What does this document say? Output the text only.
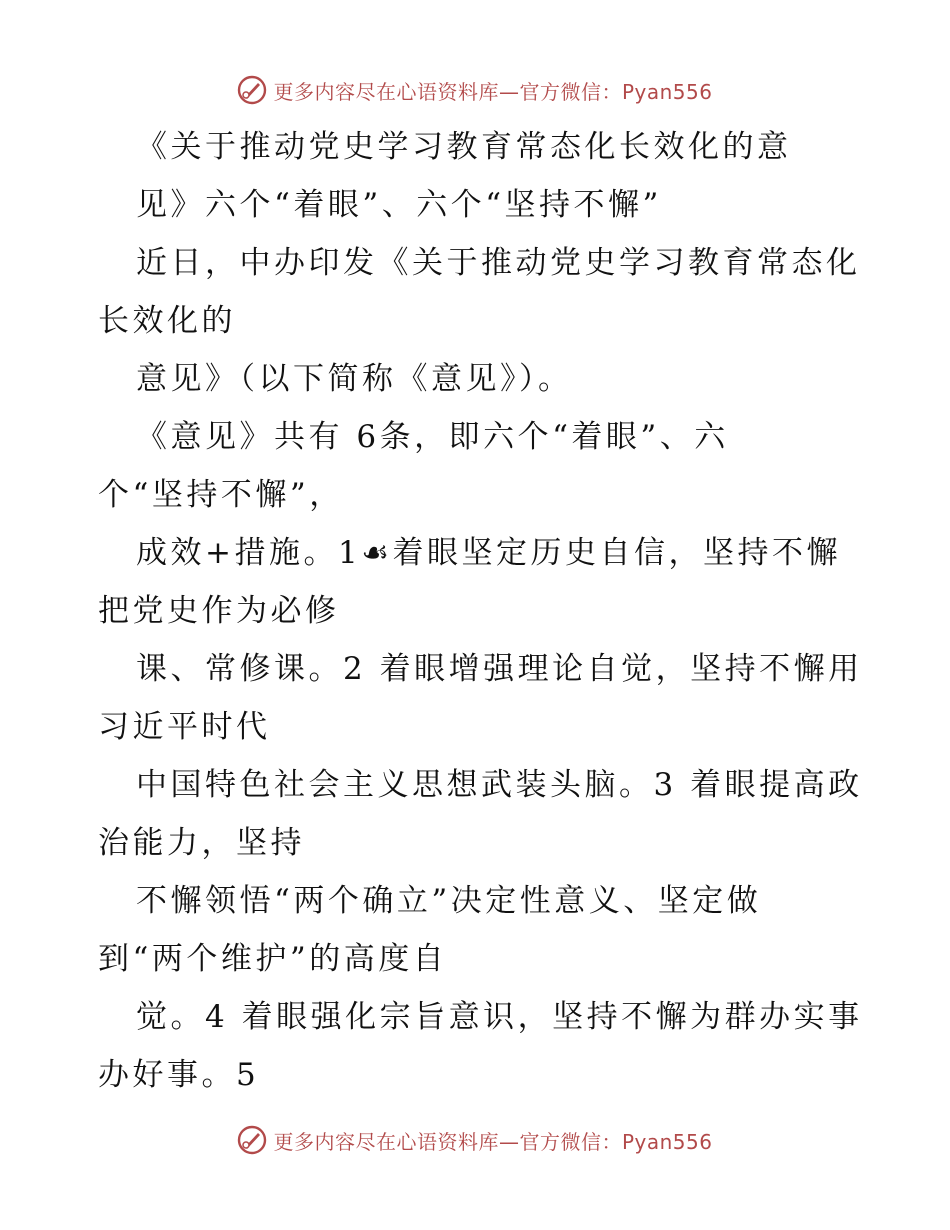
更多内容尽在心语资料库—官方微信：Pyan556
《关于推动党史学习教育常态化长效化的意
见》六个“着眼”、六个“坚持不懈”
近日，中办印发《关于推动党史学习教育常态化
长效化的
意见》（以下简称《意见》）。
《意见》共有 6条，即六个“着眼”、六
个“坚持不懈”，
成效+措施。1☙着眼坚定历史自信，坚持不懈
把党史作为必修
课、常修课。2 着眼增强理论自觉，坚持不懈用
习近平时代
中国特色社会主义思想武装头脑。3 着眼提高政
治能力，坚持
不懈领悟“两个确立”决定性意义、坚定做
到“两个维护”的高度自
觉。4 着眼强化宗旨意识，坚持不懈为群办实事
办好事。5
更多内容尽在心语资料库—官方微信：Pyan556
